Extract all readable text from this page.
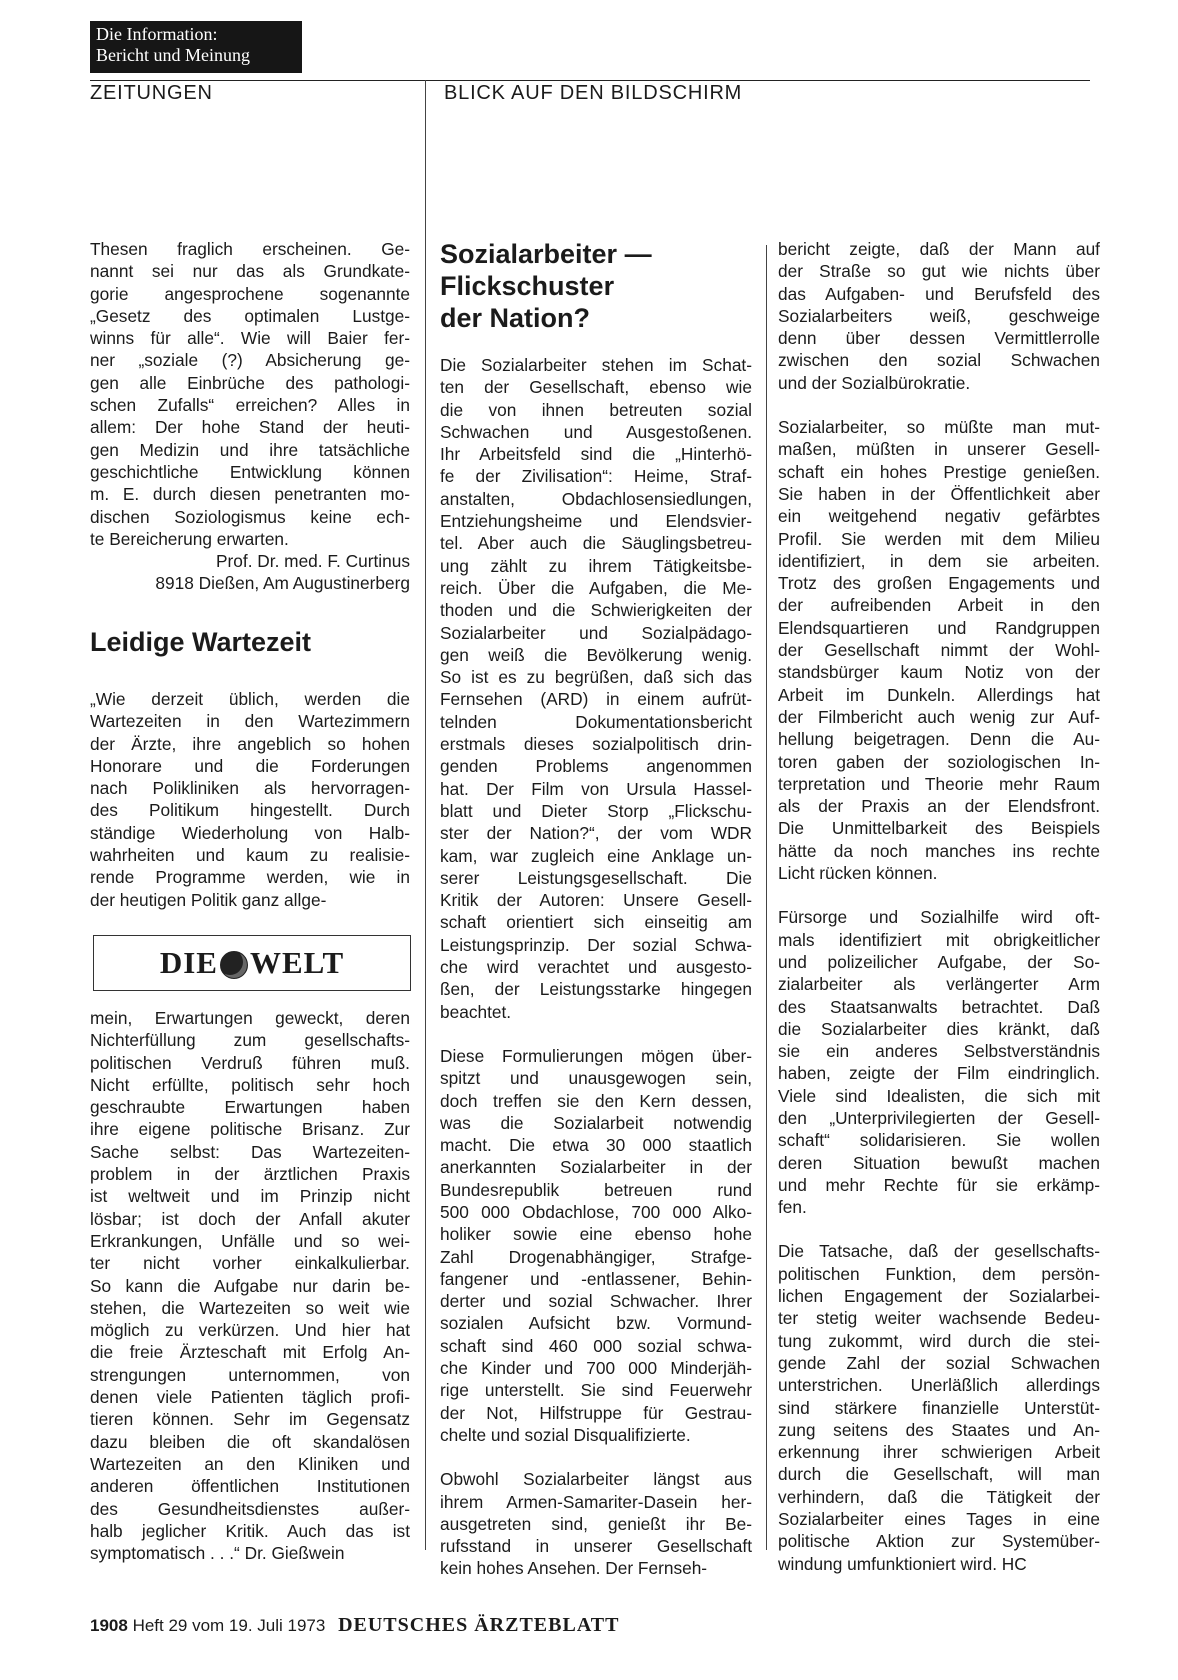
Die Information:
Bericht und Meinung
ZEITUNGEN	BLICK AUF DEN BILDSCHIRM

Thesen fraglich erscheinen. Ge-

nannt sei nur das als Grundkate-

gorie angesprochene sogenannte

„Gesetz des optimalen Lustge-

winns für alle“. Wie will Baier fer-

ner „soziale (?) Absicherung ge-

gen alle Einbrüche des pathologi-

schen Zufalls“ erreichen? Alles in

allem: Der hohe Stand der heuti-

gen Medizin und ihre tatsächliche

geschichtliche Entwicklung können

m. E. durch diesen penetranten mo-

dischen Soziologismus keine ech-

te Bereicherung erwarten.

Prof. Dr. med. F. Curtinus

8918 Dießen, Am Augustinerberg

Leidige Wartezeit

„Wie derzeit üblich, werden die

Wartezeiten in den Wartezimmern

der Ärzte, ihre angeblich so hohen

Honorare und die Forderungen

nach Polikliniken als hervorragen-

des Politikum hingestellt. Durch

ständige Wiederholung von Halb-

wahrheiten und kaum zu realisie-

rende Programme werden, wie in

der heutigen Politik ganz allge-

DIE WELT

mein, Erwartungen geweckt, deren

Nichterfüllung zum gesellschafts-

politischen Verdruß führen muß.

Nicht erfüllte, politisch sehr hoch

geschraubte Erwartungen haben

ihre eigene politische Brisanz. Zur

Sache selbst: Das Wartezeiten-

problem in der ärztlichen Praxis

ist weltweit und im Prinzip nicht

lösbar; ist doch der Anfall akuter

Erkrankungen, Unfälle und so wei-

ter nicht vorher einkalkulierbar.

So kann die Aufgabe nur darin be-

stehen, die Wartezeiten so weit wie

möglich zu verkürzen. Und hier hat

die freie Ärzteschaft mit Erfolg An-

strengungen unternommen, von

denen viele Patienten täglich profi-

tieren können. Sehr im Gegensatz

dazu bleiben die oft skandalösen

Wartezeiten an den Kliniken und

anderen öffentlichen Institutionen

des Gesundheitsdienstes außer-

halb jeglicher Kritik. Auch das ist

symptomatisch . . .“ Dr. Gießwein

Sozialarbeiter —

Flickschuster

der Nation?

Die Sozialarbeiter stehen im Schat-

ten der Gesellschaft, ebenso wie

die von ihnen betreuten sozial

Schwachen und Ausgestoßenen.

Ihr Arbeitsfeld sind die „Hinterhö-

fe der Zivilisation“: Heime, Straf-

anstalten, Obdachlosensiedlungen,

Entziehungsheime und Elendsvier-

tel. Aber auch die Säuglingsbetreu-

ung zählt zu ihrem Tätigkeitsbe-

reich. Über die Aufgaben, die Me-

thoden und die Schwierigkeiten der

Sozialarbeiter und Sozialpädago-

gen weiß die Bevölkerung wenig.

So ist es zu begrüßen, daß sich das

Fernsehen (ARD) in einem aufrüt-

telnden Dokumentationsbericht

erstmals dieses sozialpolitisch drin-

genden Problems angenommen

hat. Der Film von Ursula Hassel-

blatt und Dieter Storp „Flickschu-

ster der Nation?“, der vom WDR

kam, war zugleich eine Anklage un-

serer Leistungsgesellschaft. Die

Kritik der Autoren: Unsere Gesell-

schaft orientiert sich einseitig am

Leistungsprinzip. Der sozial Schwa-

che wird verachtet und ausgesto-

ßen, der Leistungsstarke hingegen

beachtet.

Diese Formulierungen mögen über-

spitzt und unausgewogen sein,

doch treffen sie den Kern dessen,

was die Sozialarbeit notwendig

macht. Die etwa 30 000 staatlich

anerkannten Sozialarbeiter in der

Bundesrepublik betreuen rund

500 000 Obdachlose, 700 000 Alko-

holiker sowie eine ebenso hohe

Zahl Drogenabhängiger, Strafge-

fangener und -entlassener, Behin-

derter und sozial Schwacher. Ihrer

sozialen Aufsicht bzw. Vormund-

schaft sind 460 000 sozial schwa-

che Kinder und 700 000 Minderjäh-

rige unterstellt. Sie sind Feuerwehr

der Not, Hilfstruppe für Gestrau-

chelte und sozial Disqualifizierte.

Obwohl Sozialarbeiter längst aus

ihrem Armen-Samariter-Dasein her-

ausgetreten sind, genießt ihr Be-

rufsstand in unserer Gesellschaft

kein hohes Ansehen. Der Fernseh-

bericht zeigte, daß der Mann auf

der Straße so gut wie nichts über

das Aufgaben- und Berufsfeld des

Sozialarbeiters weiß, geschweige

denn über dessen Vermittlerrolle

zwischen den sozial Schwachen

und der Sozialbürokratie.

Sozialarbeiter, so müßte man mut-

maßen, müßten in unserer Gesell-

schaft ein hohes Prestige genießen.

Sie haben in der Öffentlichkeit aber

ein weitgehend negativ gefärbtes

Profil. Sie werden mit dem Milieu

identifiziert, in dem sie arbeiten.

Trotz des großen Engagements und

der aufreibenden Arbeit in den

Elendsquartieren und Randgruppen

der Gesellschaft nimmt der Wohl-

standsbürger kaum Notiz von der

Arbeit im Dunkeln. Allerdings hat

der Filmbericht auch wenig zur Auf-

hellung beigetragen. Denn die Au-

toren gaben der soziologischen In-

terpretation und Theorie mehr Raum

als der Praxis an der Elendsfront.

Die Unmittelbarkeit des Beispiels

hätte da noch manches ins rechte

Licht rücken können.

Fürsorge und Sozialhilfe wird oft-

mals identifiziert mit obrigkeitlicher

und polizeilicher Aufgabe, der So-

zialarbeiter als verlängerter Arm

des Staatsanwalts betrachtet. Daß

die Sozialarbeiter dies kränkt, daß

sie ein anderes Selbstverständnis

haben, zeigte der Film eindringlich.

Viele sind Idealisten, die sich mit

den „Unterprivilegierten der Gesell-

schaft“ solidarisieren. Sie wollen

deren Situation bewußt machen

und mehr Rechte für sie erkämp-

fen.

Die Tatsache, daß der gesellschafts-

politischen Funktion, dem persön-

lichen Engagement der Sozialarbei-

ter stetig weiter wachsende Bedeu-

tung zukommt, wird durch die stei-

gende Zahl der sozial Schwachen

unterstrichen. Unerläßlich allerdings

sind stärkere finanzielle Unterstüt-

zung seitens des Staates und An-

erkennung ihrer schwierigen Arbeit

durch die Gesellschaft, will man

verhindern, daß die Tätigkeit der

Sozialarbeiter eines Tages in eine

politische Aktion zur Systemüber-

windung umfunktioniert wird. HC

1908 Heft 29 vom 19. Juli 1973 DEUTSCHES ÄRZTEBLATT
